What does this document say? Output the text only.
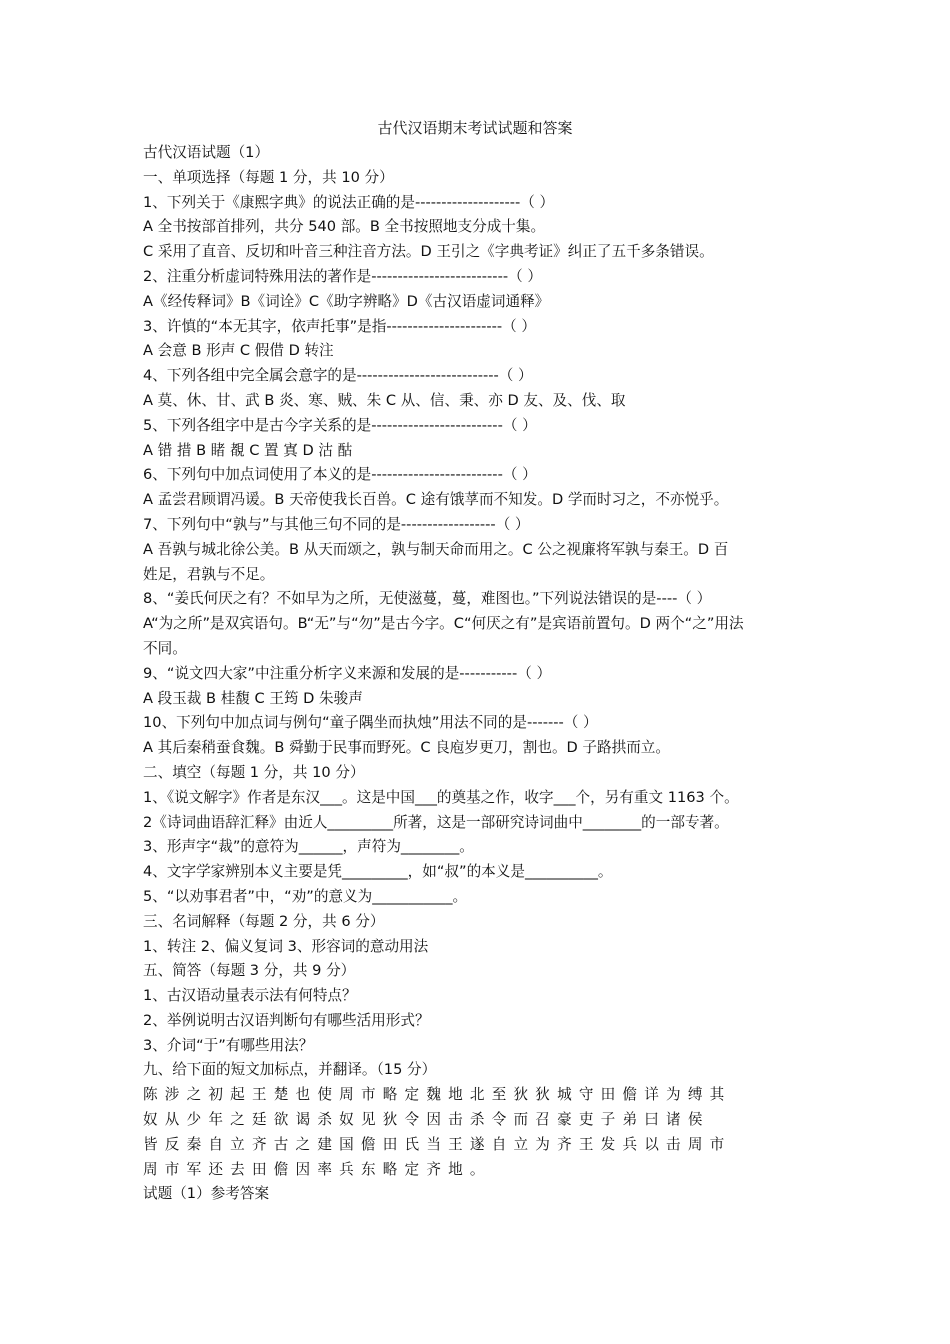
古代汉语期末考试试题和答案
古代汉语试题（1）
一、单项选择（每题 1 分，共 10 分）
1、下列关于《康熙字典》的说法正确的是--------------------（ ）
A 全书按部首排列，共分 540 部。B 全书按照地支分成十集。
C 采用了直音、反切和叶音三种注音方法。D 王引之《字典考证》纠正了五千多条错误。
2、注重分析虚词特殊用法的著作是--------------------------（ ）
A《经传释词》B《词诠》C《助字辨略》D《古汉语虚词通释》
3、许慎的“本无其字，依声托事”是指----------------------（ ）
A 会意 B 形声 C 假借 D 转注
4、下列各组中完全属会意字的是---------------------------（ ）
A 莫、休、甘、武 B 炎、寒、贼、朱 C 从、信、秉、亦 D 友、及、伐、取
5、下列各组字中是古今字关系的是-------------------------（ ）
A 错 措 B 睹 覩 C 置 寘 D 沽 酤
6、下列句中加点词使用了本义的是-------------------------（ ）
A 孟尝君顾谓冯谖。B 天帝使我长百兽。C 途有饿莩而不知发。D 学而时习之，不亦悦乎。
7、下列句中“孰与”与其他三句不同的是------------------（ ）
A 吾孰与城北徐公美。B 从天而颂之，孰与制天命而用之。C 公之视廉将军孰与秦王。D 百
姓足，君孰与不足。
8、“姜氏何厌之有？不如早为之所，无使滋蔓，蔓，难图也。”下列说法错误的是----（ ）
A“为之所”是双宾语句。B“无”与“勿”是古今字。C“何厌之有”是宾语前置句。D 两个“之”用法
不同。
9、“说文四大家”中注重分析字义来源和发展的是-----------（ ）
A 段玉裁 B 桂馥 C 王筠 D 朱骏声
10、下列句中加点词与例句“童子隅坐而执烛”用法不同的是-------（ ）
A 其后秦稍蚕食魏。B 舜勤于民事而野死。C 良庖岁更刀，割也。D 子路拱而立。
二、填空（每题 1 分，共 10 分）
1、《说文解字》作者是东汉___。这是中国___的奠基之作，收字___个，另有重文 1163 个。
2《诗词曲语辞汇释》由近人_________所著，这是一部研究诗词曲中________的一部专著。
3、形声字“裁”的意符为______，声符为________。
4、文字学家辨别本义主要是凭_________，如“叔”的本义是__________。
5、“以劝事君者”中，“劝”的意义为___________。
三、名词解释（每题 2 分，共 6 分）
1、转注 2、偏义复词 3、形容词的意动用法
五、简答（每题 3 分，共 9 分）
1、古汉语动量表示法有何特点？
2、举例说明古汉语判断句有哪些活用形式？
3、介词“于”有哪些用法？
九、给下面的短文加标点，并翻译。（15 分）
陈涉之初起王楚也使周市略定魏地北至狄狄城守田儋详为缚其
奴从少年之廷欲谒杀奴见狄令因击杀令而召豪吏子弟曰诸侯
皆反秦自立齐古之建国儋田氏当王遂自立为齐王发兵以击周市
周市军还去田儋因率兵东略定齐地。
试题（1）参考答案
